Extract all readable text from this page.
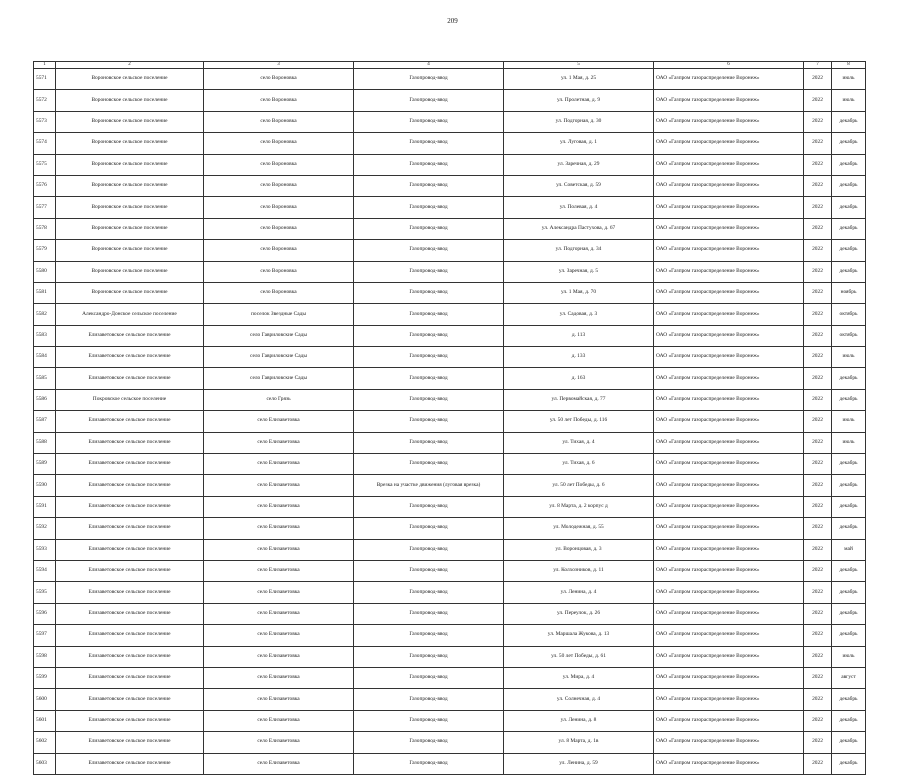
209
1	2	3	4	5	6	7	8
5571	Вороновское сельское поселение	село Вороновка	Газопровод-ввод	ул. 1 Мая, д. 25	ОАО «Газпром газораспределение Воронеж»	2022	июль
5572	Вороновское сельское поселение	село Вороновка	Газопровод-ввод	ул. Пролетная, д. 9	ОАО «Газпром газораспределение Воронеж»	2022	июль
5573	Вороновское сельское поселение	село Вороновка	Газопровод-ввод	ул. Подгорная, д. 30	ОАО «Газпром газораспределение Воронеж»	2022	декабрь
5574	Вороновское сельское поселение	село Вороновка	Газопровод-ввод	ул. Луговая, д. 1	ОАО «Газпром газораспределение Воронеж»	2022	декабрь
5575	Вороновское сельское поселение	село Вороновка	Газопровод-ввод	ул. Заречная, д. 29	ОАО «Газпром газораспределение Воронеж»	2022	декабрь
5576	Вороновское сельское поселение	село Вороновка	Газопровод-ввод	ул. Советская, д. 59	ОАО «Газпром газораспределение Воронеж»	2022	декабрь
5577	Вороновское сельское поселение	село Вороновка	Газопровод-ввод	ул. Полевая, д. 4	ОАО «Газпром газораспределение Воронеж»	2022	декабрь
5578	Вороновское сельское поселение	село Вороновка	Газопровод-ввод	ул. Александра Пастухова, д. 67	ОАО «Газпром газораспределение Воронеж»	2022	декабрь
5579	Вороновское сельское поселение	село Вороновка	Газопровод-ввод	ул. Подгорная, д. 34	ОАО «Газпром газораспределение Воронеж»	2022	декабрь
5580	Вороновское сельское поселение	село Вороновка	Газопровод-ввод	ул. Заречная, д. 5	ОАО «Газпром газораспределение Воронеж»	2022	декабрь
5581	Вороновское сельское поселение	село Вороновка	Газопровод-ввод	ул. 1 Мая, д. 70	ОАО «Газпром газораспределение Воронеж»	2022	ноябрь
5582	Александро-Донское сельское поселение	поселок Звездные Сады	Газопровод-ввод	ул. Садовая, д. 3	ОАО «Газпром газораспределение Воронеж»	2022	октябрь
5583	Елизаветовское сельское поселение	село Гавриловские Сады	Газопровод-ввод	д. 113	ОАО «Газпром газораспределение Воронеж»	2022	октябрь
5584	Елизаветовское сельское поселение	село Гавриловские Сады	Газопровод-ввод	д. 133	ОАО «Газпром газораспределение Воронеж»	2022	июль
5585	Елизаветовское сельское поселение	село Гавриловские Сады	Газопровод-ввод	д. 163	ОАО «Газпром газораспределение Воронеж»	2022	декабрь
5586	Покровское сельское поселение	село Грязь	Газопровод-ввод	ул. Первомайская, д. 77	ОАО «Газпром газораспределение Воронеж»	2022	декабрь
5587	Елизаветовское сельское поселение	село Елизаветовка	Газопровод-ввод	ул. 50 лет Победы, д. 116	ОАО «Газпром газораспределение Воронеж»	2022	июль
5588	Елизаветовское сельское поселение	село Елизаветовка	Газопровод-ввод	ул. Тихая, д. 4	ОАО «Газпром газораспределение Воронеж»	2022	июль
5589	Елизаветовское сельское поселение	село Елизаветовка	Газопровод-ввод	ул. Тихая, д. 6	ОАО «Газпром газораспределение Воронеж»	2022	декабрь
5590	Елизаветовское сельское поселение	село Елизаветовка	Врезка на участке движения (луговая врезка)	ул. 50 лет Победы, д. 6	ОАО «Газпром газораспределение Воронеж»	2022	декабрь
5591	Елизаветовское сельское поселение	село Елизаветовка	Газопровод-ввод	ул. 8 Марта, д. 2 корпус д	ОАО «Газпром газораспределение Воронеж»	2022	декабрь
5592	Елизаветовское сельское поселение	село Елизаветовка	Газопровод-ввод	ул. Молодежная, д. 55	ОАО «Газпром газораспределение Воронеж»	2022	декабрь
5593	Елизаветовское сельское поселение	село Елизаветовка	Газопровод-ввод	ул. Воронцовая, д. 3	ОАО «Газпром газораспределение Воронеж»	2022	май
5594	Елизаветовское сельское поселение	село Елизаветовка	Газопровод-ввод	ул. Колхозников, д. 11	ОАО «Газпром газораспределение Воронеж»	2022	декабрь
5595	Елизаветовское сельское поселение	село Елизаветовка	Газопровод-ввод	ул. Ленина, д. 4	ОАО «Газпром газораспределение Воронеж»	2022	декабрь
5596	Елизаветовское сельское поселение	село Елизаветовка	Газопровод-ввод	ул. Переулок, д. 26	ОАО «Газпром газораспределение Воронеж»	2022	декабрь
5597	Елизаветовское сельское поселение	село Елизаветовка	Газопровод-ввод	ул. Маршала Жукова, д. 13	ОАО «Газпром газораспределение Воронеж»	2022	декабрь
5598	Елизаветовское сельское поселение	село Елизаветовка	Газопровод-ввод	ул. 50 лет Победы, д. 61	ОАО «Газпром газораспределение Воронеж»	2022	июль
5599	Елизаветовское сельское поселение	село Елизаветовка	Газопровод-ввод	ул. Мира, д. 4	ОАО «Газпром газораспределение Воронеж»	2022	август
5600	Елизаветовское сельское поселение	село Елизаветовка	Газопровод-ввод	ул. Солнечная, д. 4	ОАО «Газпром газораспределение Воронеж»	2022	декабрь
5601	Елизаветовское сельское поселение	село Елизаветовка	Газопровод-ввод	ул. Ленина, д. 8	ОАО «Газпром газораспределение Воронеж»	2022	декабрь
5602	Елизаветовское сельское поселение	село Елизаветовка	Газопровод-ввод	ул. 8 Марта, д. 1в	ОАО «Газпром газораспределение Воронеж»	2022	декабрь
5603	Елизаветовское сельское поселение	село Елизаветовка	Газопровод-ввод	ул. Ленина, д. 59	ОАО «Газпром газораспределение Воронеж»	2022	декабрь
